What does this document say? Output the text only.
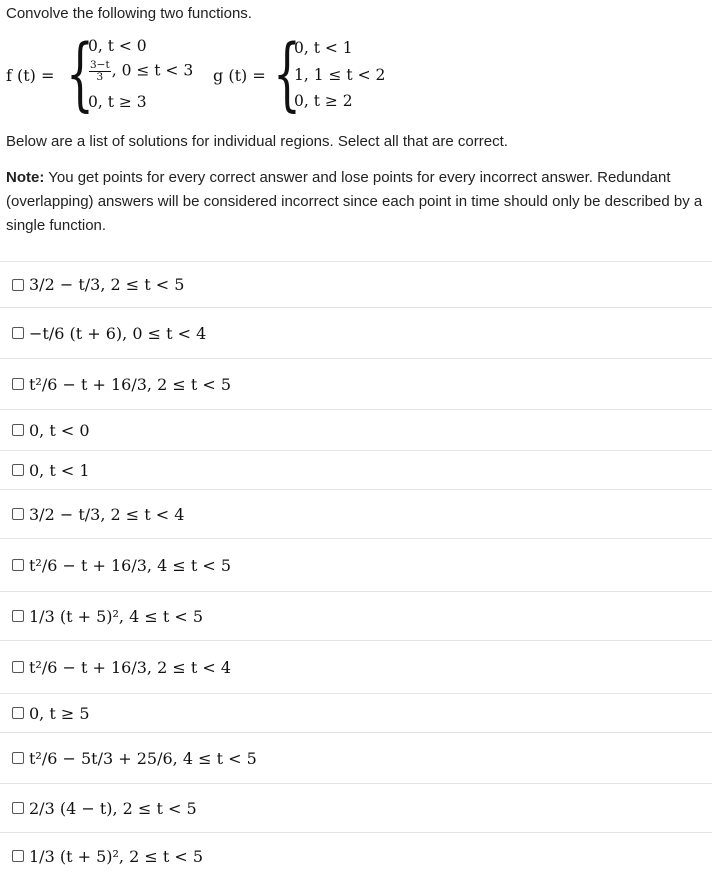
Convolve the following two functions.
f (t) = {
0, t < 0
$\frac{3-t}{3}$ , 0 ≤ t < 3
0, t ≥ 3
g (t) = {
0, t < 1
1, 1 ≤ t < 2
0, t ≥ 2
Below are a list of solutions for individual regions. Select all that are correct.
Note: You get points for every correct answer and lose points for every incorrect answer. Redundant (overlapping) answers will be considered incorrect since each point in time should only be described by a single function.
3/2 − t/3, 2 ≤ t < 5
−t/6 (t + 6), 0 ≤ t < 4
t²/6 − t + 16/3, 2 ≤ t < 5
0, t < 0
0, t < 1
3/2 − t/3, 2 ≤ t < 4
t²/6 − t + 16/3, 4 ≤ t < 5
1/3 (t + 5)², 4 ≤ t < 5
t²/6 − t + 16/3, 2 ≤ t < 4
0, t ≥ 5
t²/6 − 5t/3 + 25/6, 4 ≤ t < 5
2/3 (4 − t), 2 ≤ t < 5
1/3 (t + 5)², 2 ≤ t < 5
